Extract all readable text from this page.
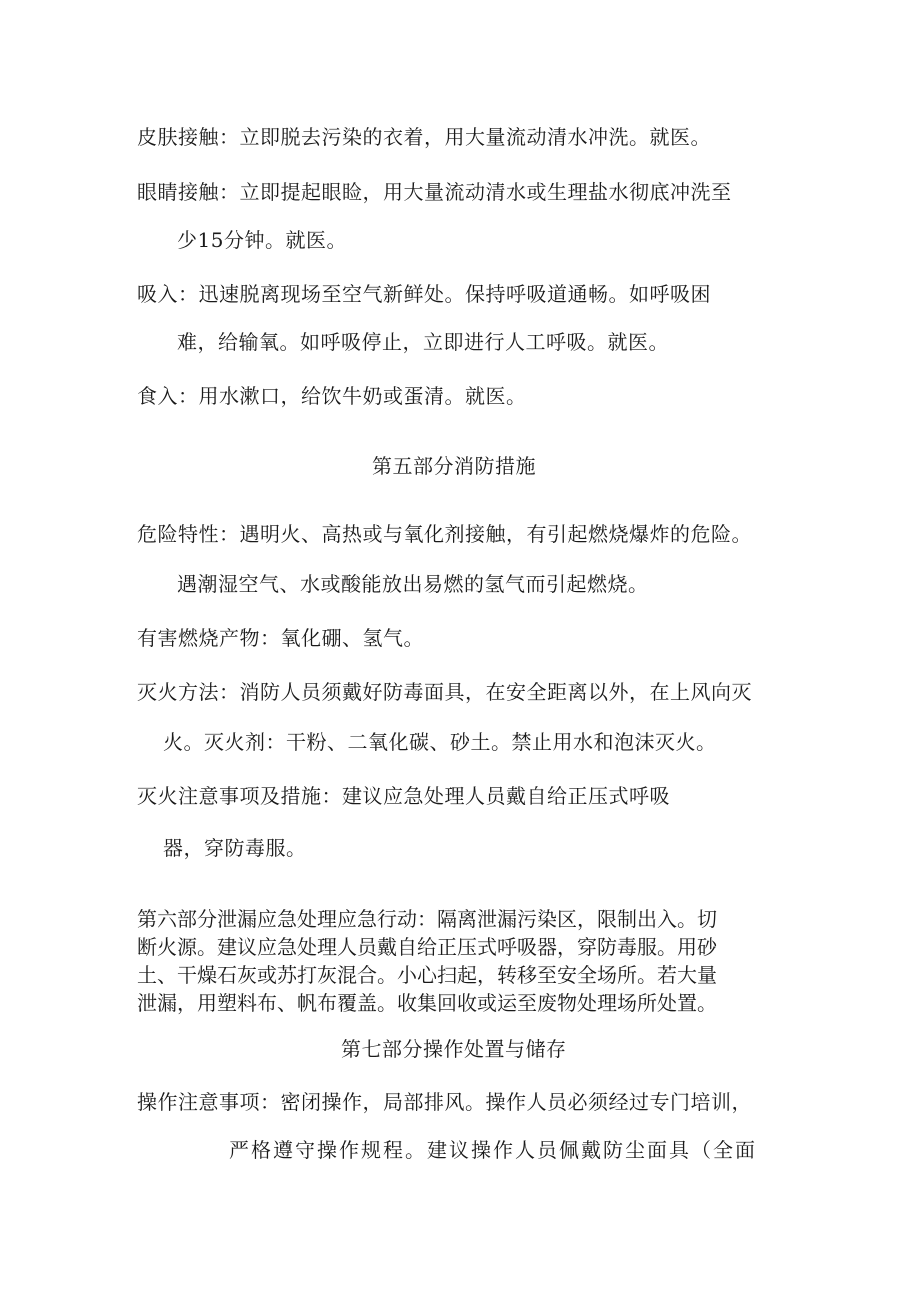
皮肤接触：立即脱去污染的衣着，用大量流动清水冲洗。就医。
眼睛接触：立即提起眼睑，用大量流动清水或生理盐水彻底冲洗至
少15分钟。就医。
吸入：迅速脱离现场至空气新鲜处。保持呼吸道通畅。如呼吸困
难，给输氧。如呼吸停止，立即进行人工呼吸。就医。
食入：用水漱口，给饮牛奶或蛋清。就医。
第五部分消防措施
危险特性：遇明火、高热或与氧化剂接触，有引起燃烧爆炸的危险。
遇潮湿空气、水或酸能放出易燃的氢气而引起燃烧。
有害燃烧产物：氧化硼、氢气。
灭火方法：消防人员须戴好防毒面具，在安全距离以外，在上风向灭
火。灭火剂：干粉、二氧化碳、砂土。禁止用水和泡沫灭火。
灭火注意事项及措施：建议应急处理人员戴自给正压式呼吸
器，穿防毒服。
第六部分泄漏应急处理应急行动：隔离泄漏污染区，限制出入。切
断火源。建议应急处理人员戴自给正压式呼吸器，穿防毒服。用砂
土、干燥石灰或苏打灰混合。小心扫起，转移至安全场所。若大量
泄漏，用塑料布、帆布覆盖。收集回收或运至废物处理场所处置。
第七部分操作处置与储存
操作注意事项：密闭操作，局部排风。操作人员必须经过专门培训，
严格遵守操作规程。建议操作人员佩戴防尘面具（全面
